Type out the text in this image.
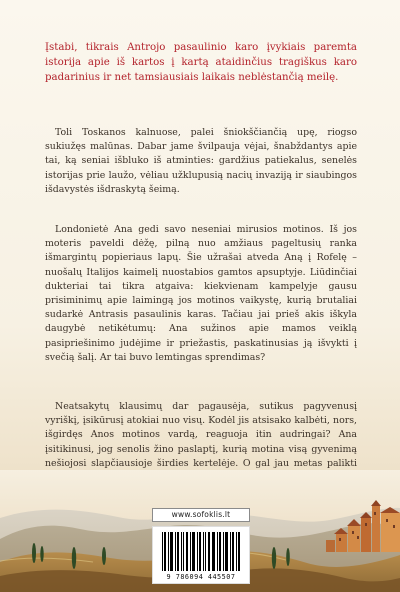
Įstabi, tikrais Antrojo pasaulinio karo įvykiais paremta istorija apie iš kartos į kartą ataidinčius tragiškus karo padarinius ir net tamsiausiais laikais neblėstančią meilę.

Toli Toskanos kalnuose, palei šniokščiančią upę, riogso sukiužęs malūnas. Dabar jame švilpauja vėjai, šnabždantys apie tai, ką seniai išbluko iš atminties: gardžius patiekalus, senelės istorijas prie laužo, vėliau užklupusią nacių invaziją ir siaubingos išdavystės išdraskytą šeimą.

Londonietė Ana gedi savo neseniai mirusios motinos. Iš jos moteris paveldi dėžę, pilną nuo amžiaus pageltusių ranka išmargintų popieriaus lapų. Šie užrašai atveda Aną į Rofelę – nuošalų Italijos kaimelį nuostabios gamtos apsuptyje. Liūdinčiai dukteriai tai tikra atgaiva: kiekvienam kampelyje gausu prisiminimų apie laimingą jos motinos vaikystę, kurią brutaliai sudarkė Antrasis pasaulinis karas. Tačiau jai prieš akis iškyla daugybė netikėtumų: Ana sužinos apie mamos veiklą pasipriešinimo judėjime ir priežastis, paskatinusias ją išvykti į svečią šalį. Ar tai buvo lemtingas sprendimas?

Neatsakytų klausimų dar pagausėja, sutikus pagyvenusį vyriškį, įsikūrusį atokiai nuo visų. Kodėl jis atsisako kalbėti, nors, išgirdęs Anos motinos vardą, reaguoja itin audringai? Ana įsitikinusi, jog senolis žino paslaptį, kurią motina visą gyvenimą nešiojosi slapčiausioje širdies kertelėje. O gal jau metas palikti

www.sofoklis.lt
9 786094 445507
